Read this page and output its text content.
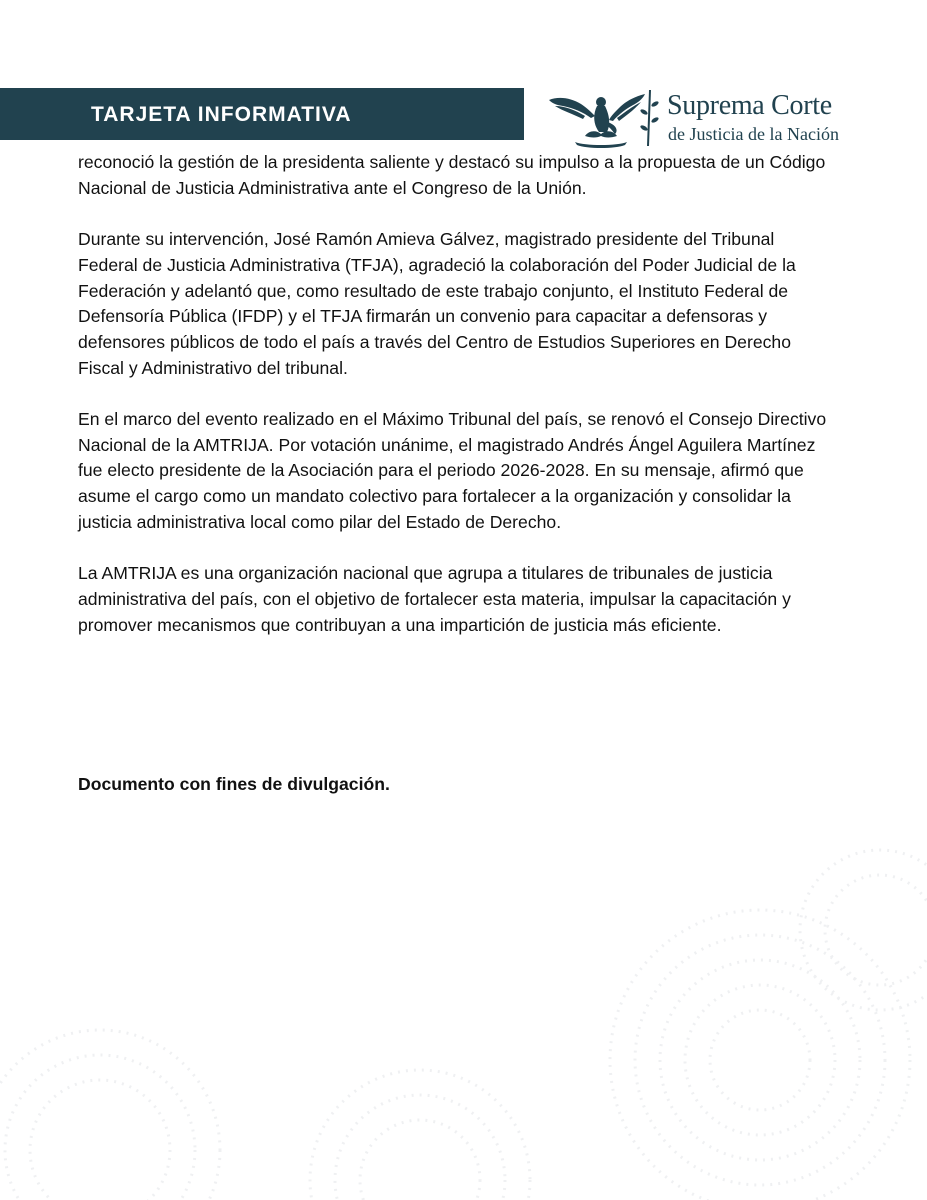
TARJETA INFORMATIVA	Suprema Corte
de Justicia de la Nación

reconoció la gestión de la presidenta saliente y destacó su impulso a la propuesta de un Código Nacional de Justicia Administrativa ante el Congreso de la Unión.

Durante su intervención, José Ramón Amieva Gálvez, magistrado presidente del Tribunal Federal de Justicia Administrativa (TFJA), agradeció la colaboración del Poder Judicial de la Federación y adelantó que, como resultado de este trabajo conjunto, el Instituto Federal de Defensoría Pública (IFDP) y el TFJA firmarán un convenio para capacitar a defensoras y defensores públicos de todo el país a través del Centro de Estudios Superiores en Derecho Fiscal y Administrativo del tribunal.

En el marco del evento realizado en el Máximo Tribunal del país, se renovó el Consejo Directivo Nacional de la AMTRIJA. Por votación unánime, el magistrado Andrés Ángel Aguilera Martínez fue electo presidente de la Asociación para el periodo 2026-2028. En su mensaje, afirmó que asume el cargo como un mandato colectivo para fortalecer a la organización y consolidar la justicia administrativa local como pilar del Estado de Derecho.

La AMTRIJA es una organización nacional que agrupa a titulares de tribunales de justicia administrativa del país, con el objetivo de fortalecer esta materia, impulsar la capacitación y promover mecanismos que contribuyan a una impartición de justicia más eficiente.

Documento con fines de divulgación.
